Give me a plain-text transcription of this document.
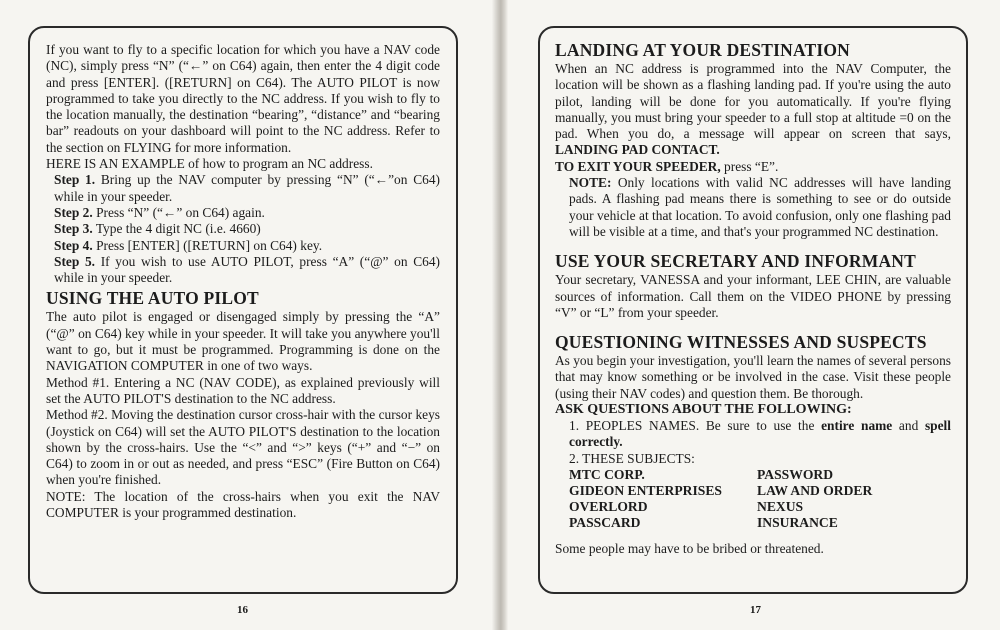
If you want to fly to a specific location for which you have a NAV code (NC), simply press “N” (“←” on C64) again, then enter the 4 digit code and press [ENTER]. ([RETURN] on C64). The AUTO PILOT is now programmed to take you directly to the NC address. If you wish to fly to the location manually, the destination “bearing”, “distance” and “bearing bar” readouts on your dashboard will point to the NC address. Refer to the section on FLYING for more information.

HERE IS AN EXAMPLE of how to program an NC address.

Step 1. Bring up the NAV computer by pressing “N” (“←”on C64) while in your speeder.

Step 2. Press “N” (“←” on C64) again.

Step 3. Type the 4 digit NC (i.e. 4660)

Step 4. Press [ENTER] ([RETURN] on C64) key.

Step 5. If you wish to use AUTO PILOT, press “A” (“@” on C64) while in your speeder.

USING THE AUTO PILOT

The auto pilot is engaged or disengaged simply by pressing the “A” (“@” on C64) key while in your speeder. It will take you anywhere you'll want to go, but it must be programmed. Programming is done on the NAVIGATION COMPUTER in one of two ways.

Method #1. Entering a NC (NAV CODE), as explained previously will set the AUTO PILOT'S destination to the NC address.

Method #2. Moving the destination cursor cross-hair with the cursor keys (Joystick on C64) will set the AUTO PILOT'S destination to the location shown by the cross-hairs. Use the “<” and “>” keys (“+” and “−” on C64) to zoom in or out as needed, and press “ESC” (Fire Button on C64) when you're finished.

NOTE: The location of the cross-hairs when you exit the NAV COMPUTER is your programmed destination.

16

LANDING AT YOUR DESTINATION

When an NC address is programmed into the NAV Computer, the location will be shown as a flashing landing pad. If you're using the auto pilot, landing will be done for you automatically. If you're flying manually, you must bring your speeder to a full stop at altitude =0 on the pad. When you do, a message will appear on screen that says, LANDING PAD CONTACT.

TO EXIT YOUR SPEEDER, press “E”.

NOTE: Only locations with valid NC addresses will have landing pads. A flashing pad means there is something to see or do outside your vehicle at that location. To avoid confusion, only one flashing pad will be visible at a time, and that's your programmed NC destination.

USE YOUR SECRETARY AND INFORMANT

Your secretary, VANESSA and your informant, LEE CHIN, are valuable sources of information. Call them on the VIDEO PHONE by pressing “V” or “L” from your speeder.

QUESTIONING WITNESSES AND SUSPECTS

As you begin your investigation, you'll learn the names of several persons that may know something or be involved in the case. Visit these people (using their NAV codes) and question them. Be thorough.

ASK QUESTIONS ABOUT THE FOLLOWING:

1. PEOPLES NAMES. Be sure to use the entire name and spell correctly.

2. THESE SUBJECTS:

MTC CORP.	PASSWORD
GIDEON ENTERPRISES	LAW AND ORDER
OVERLORD	NEXUS
PASSCARD	INSURANCE

Some people may have to be bribed or threatened.

17
